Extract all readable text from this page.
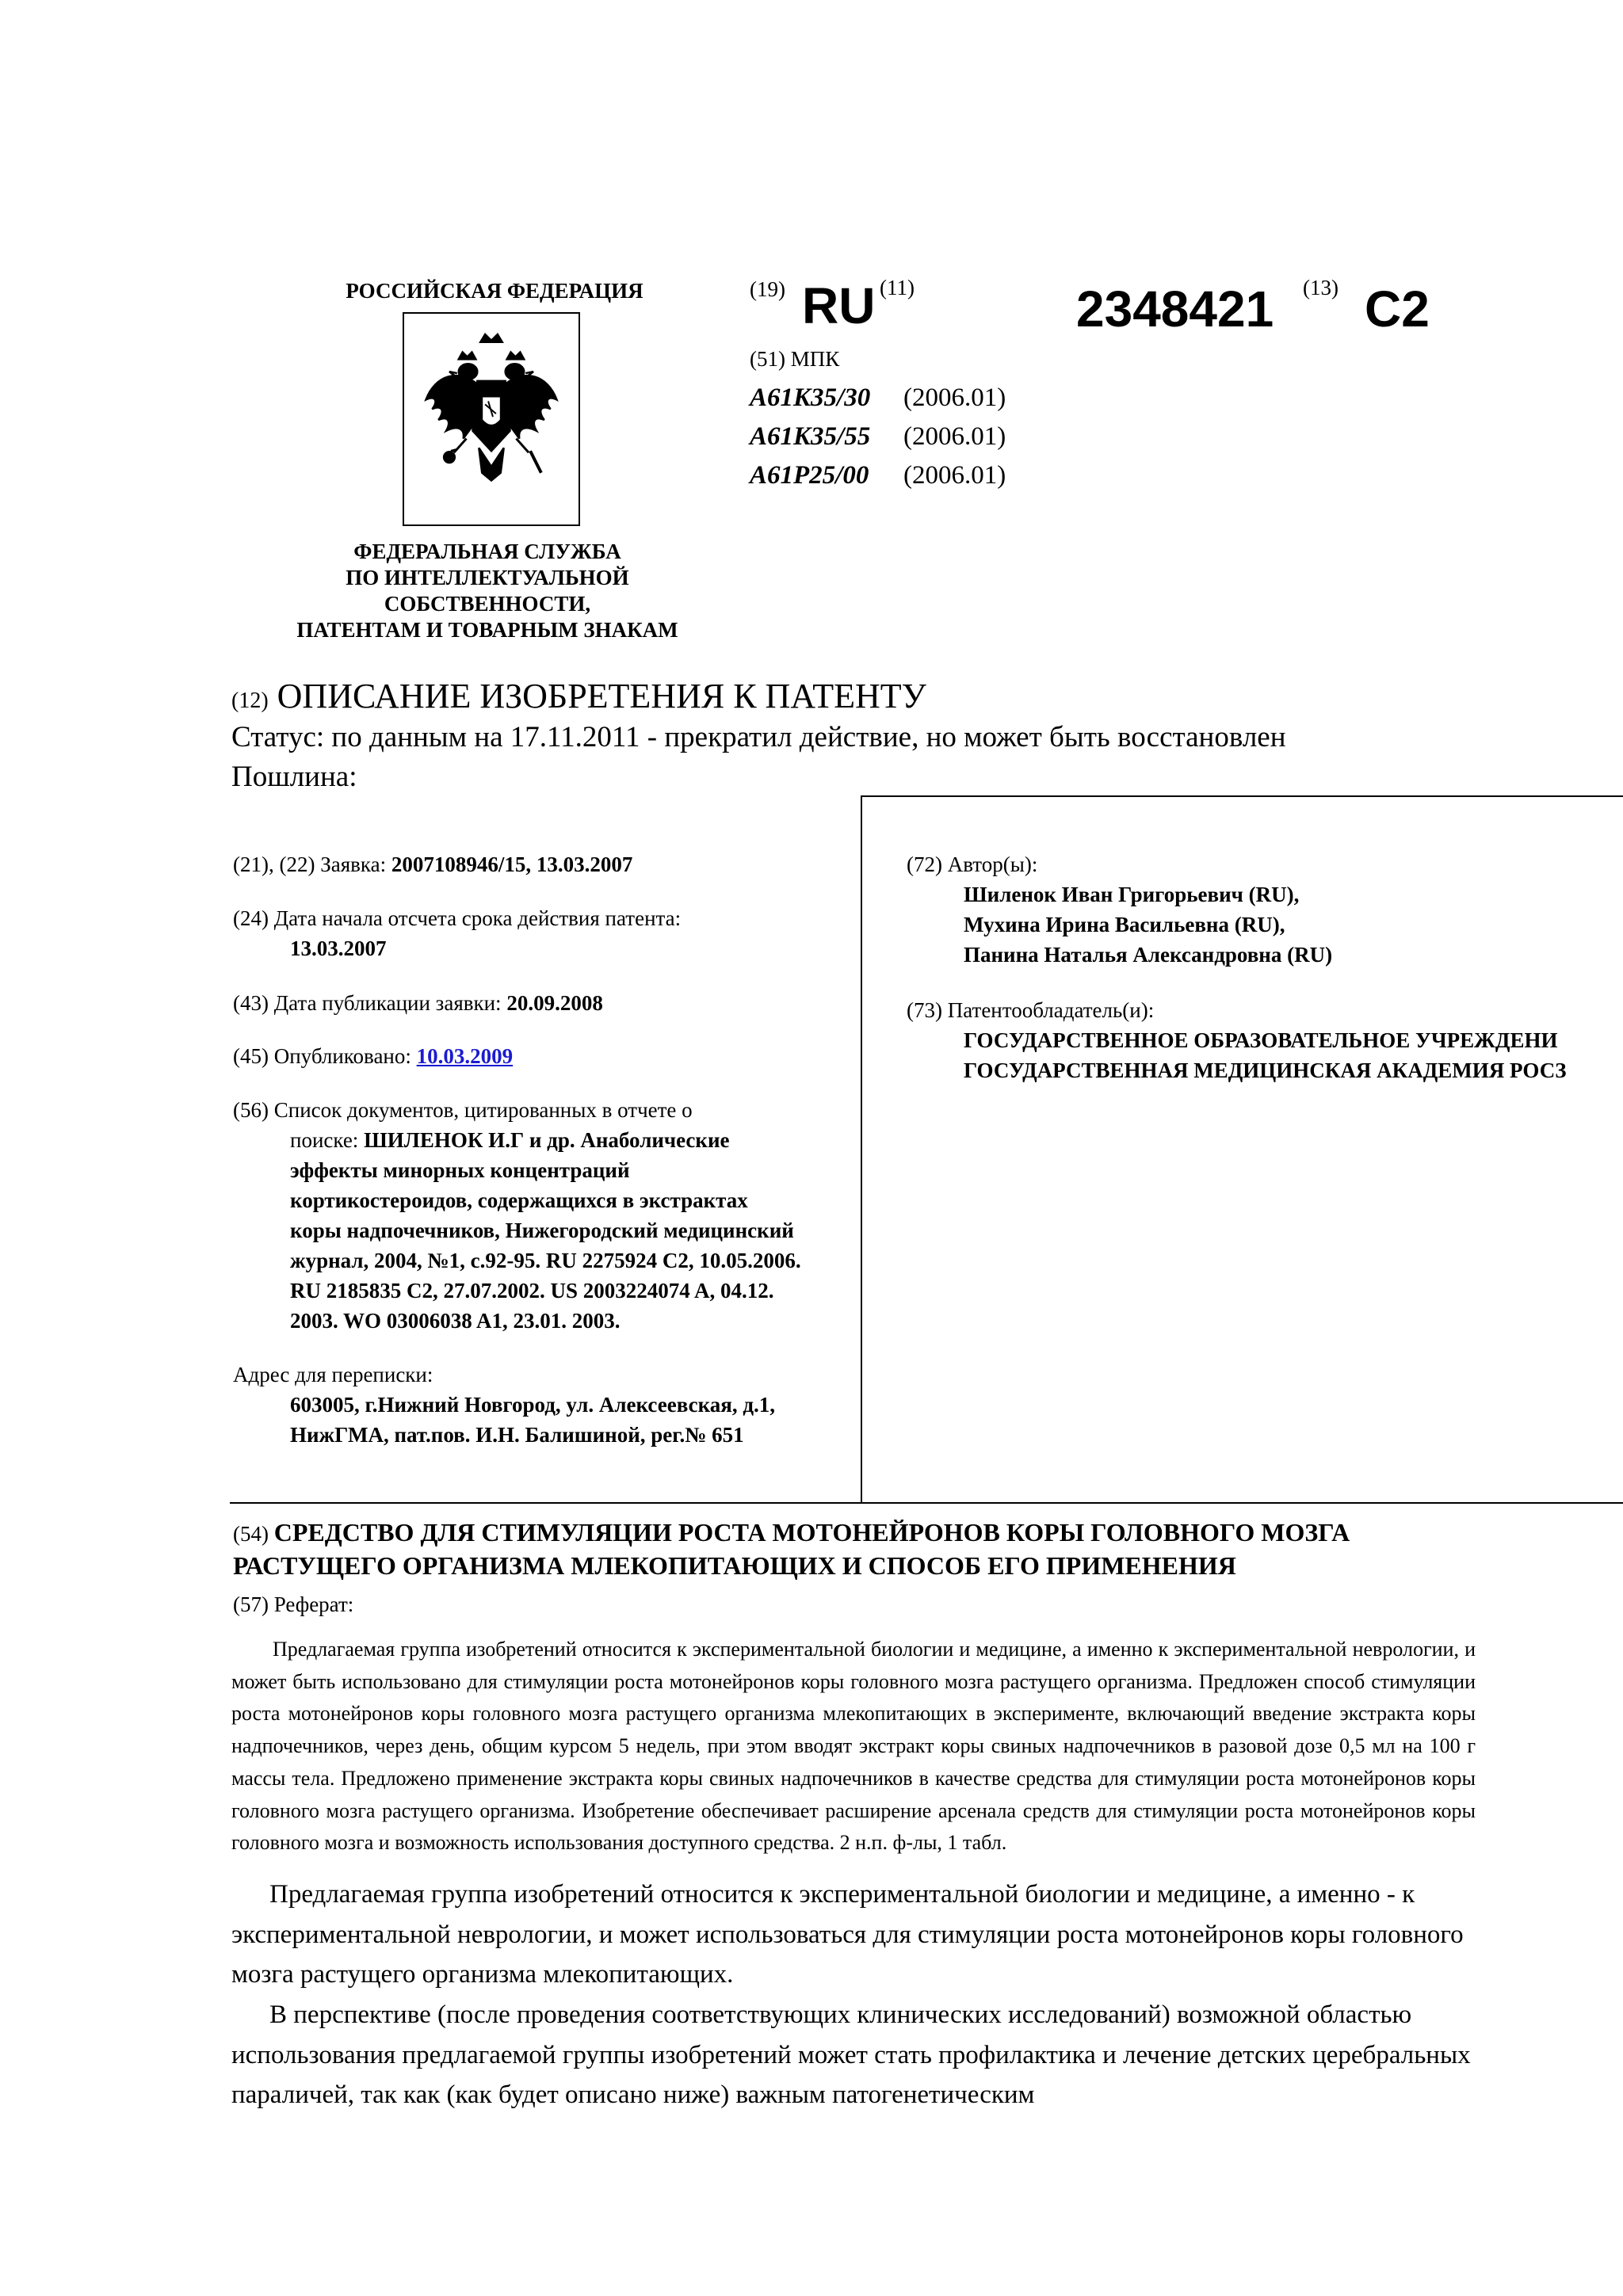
РОССИЙСКАЯ ФЕДЕРАЦИЯ
ФЕДЕРАЛЬНАЯ СЛУЖБА
ПО ИНТЕЛЛЕКТУАЛЬНОЙ
СОБСТВЕННОСТИ,
ПАТЕНТАМ И ТОВАРНЫМ ЗНАКАМ
(19) RU (11)	2348421 (13) C2
(51) МПК
A61K35/30	(2006.01)
A61K35/55	(2006.01)
A61P25/00	(2006.01)
(12) ОПИСАНИЕ ИЗОБРЕТЕНИЯ К ПАТЕНТУ
Статус: по данным на 17.11.2011 - прекратил действие, но может быть восстановлен
Пошлина:
(21), (22) Заявка: 2007108946/15, 13.03.2007
(24) Дата начала отсчета срока действия патента:
13.03.2007
(43) Дата публикации заявки: 20.09.2008
(45) Опубликовано: 10.03.2009
(56) Список документов, цитированных в отчете о
поиске: ШИЛЕНОК И.Г и др. Анаболические
эффекты минорных концентраций
кортикостероидов, содержащихся в экстрактах
коры надпочечников, Нижегородский медицинский
журнал, 2004, №1, с.92-95. RU 2275924 C2, 10.05.2006.
RU 2185835 C2, 27.07.2002. US 2003224074 A, 04.12.
2003. WO 03006038 A1, 23.01. 2003.
Адрес для переписки:
603005, г.Нижний Новгород, ул. Алексеевская, д.1,
НижГМА, пат.пов. И.Н. Балишиной, рег.№ 651
(72) Автор(ы):
Шиленок Иван Григорьевич (RU),
Мухина Ирина Васильевна (RU),
Панина Наталья Александровна (RU)
(73) Патентообладатель(и):
ГОСУДАРСТВЕННОЕ ОБРАЗОВАТЕЛЬНОЕ УЧРЕЖДЕНИ
ГОСУДАРСТВЕННАЯ МЕДИЦИНСКАЯ АКАДЕМИЯ РОСЗ
(54) СРЕДСТВО ДЛЯ СТИМУЛЯЦИИ РОСТА МОТОНЕЙРОНОВ КОРЫ ГОЛОВНОГО МОЗГА
РАСТУЩЕГО ОРГАНИЗМА МЛЕКОПИТАЮЩИХ И СПОСОБ ЕГО ПРИМЕНЕНИЯ
(57) Реферат:
Предлагаемая группа изобретений относится к экспериментальной биологии и медицине, а именно к экспериментальной неврологии, и может быть использовано для стимуляции роста мотонейронов коры головного мозга растущего организма. Предложен способ стимуляции роста мотонейронов коры головного мозга растущего организма млекопитающих в эксперименте, включающий введение экстракта коры надпочечников, через день, общим курсом 5 недель, при этом вводят экстракт коры свиных надпочечников в разовой дозе 0,5 мл на 100 г массы тела. Предложено применение экстракта коры свиных надпочечников в качестве средства для стимуляции роста мотонейронов коры головного мозга растущего организма. Изобретение обеспечивает расширение арсенала средств для стимуляции роста мотонейронов коры головного мозга и возможность использования доступного средства. 2 н.п. ф-лы, 1 табл.
Предлагаемая группа изобретений относится к экспериментальной биологии и медицине, а именно - к экспериментальной неврологии, и может использоваться для стимуляции роста мотонейронов коры головного мозга растущего организма млекопитающих.
В перспективе (после проведения соответствующих клинических исследований) возможной областью использования предлагаемой группы изобретений может стать профилактика и лечение детских церебральных параличей, так как (как будет описано ниже) важным патогенетическим
